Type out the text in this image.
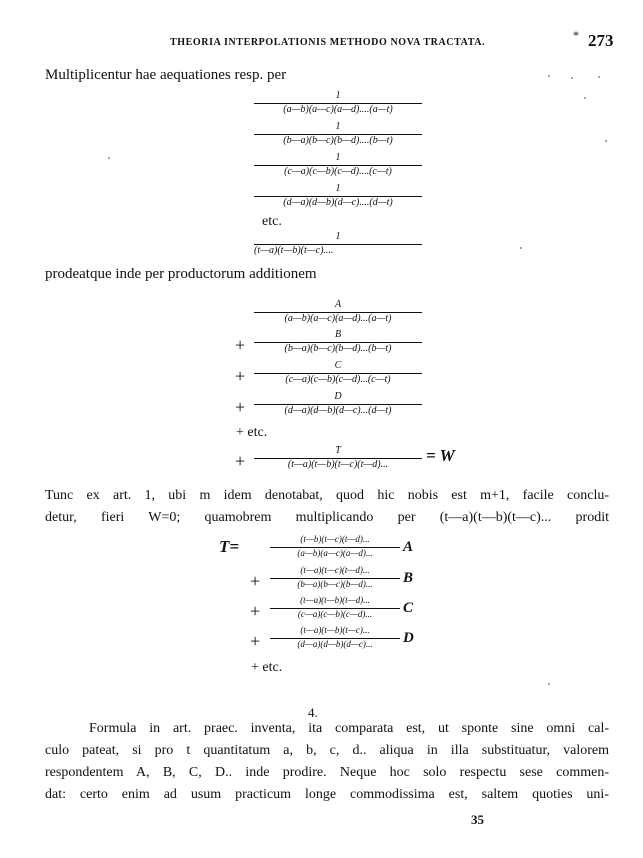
THEORIA INTERPOLATIONIS METHODO NOVA TRACTATA.
* 273
Multiplicentur hae aequationes resp. per
$\frac{1}{(a—b)(a—c)(a—d)....(a—t)}$
$\frac{1}{(b—a)(b—c)(b—d)....(b—t)}$
$\frac{1}{(c—a)(c—b)(c—d)....(c—t)}$
$\frac{1}{(d—a)(d—b)(d—c)....(d—t)}$
etc.
$\frac{1}{(t—a)(t—b)(t—c)....}$
prodeatque inde per productorum additionem
$\frac{A}{(a—b)(a—c)(a—d)...(a—t)}$
+ $\frac{B}{(b—a)(b—c)(b—d)...(b—t)}$
+ $\frac{C}{(c—a)(c—b)(c—d)...(c—t)}$
+ $\frac{D}{(d—a)(d—b)(d—c)...(d—t)}$
+ etc.
+ $\frac{T}{(t—a)(t—b)(t—c)(t—d)...} = W$
Tunc ex art. 1, ubi m idem denotabat, quod hic nobis est m+1, facile conclu-
detur, fieri W=0; quamobrem multiplicando per (t—a)(t—b)(t—c)... prodit
T=	$\frac{(t—b)(t—c)(t—d)...}{(a—b)(a—c)(a—d)...}$ A
+ $\frac{(t—a)(t—c)(t—d)...}{(b—a)(b—c)(b—d)...}$ B
+ $\frac{(t—a)(t—b)(t—d)...}{(c—a)(c—b)(c—d)...}$ C
+ $\frac{(t—a)(t—b)(t—c)...}{(d—a)(d—b)(d—c)...}$ D
+ etc.
4.
Formula in art. praec. inventa, ita comparata est, ut sponte sine omni cal-
culo pateat, si pro t quantitatum a, b, c, d.. aliqua in illa substituatur, valorem
respondentem A, B, C, D.. inde prodire. Neque hoc solo respectu sese commen-
dat: certo enim ad usum practicum longe commodissima est, saltem quoties uni-
35
